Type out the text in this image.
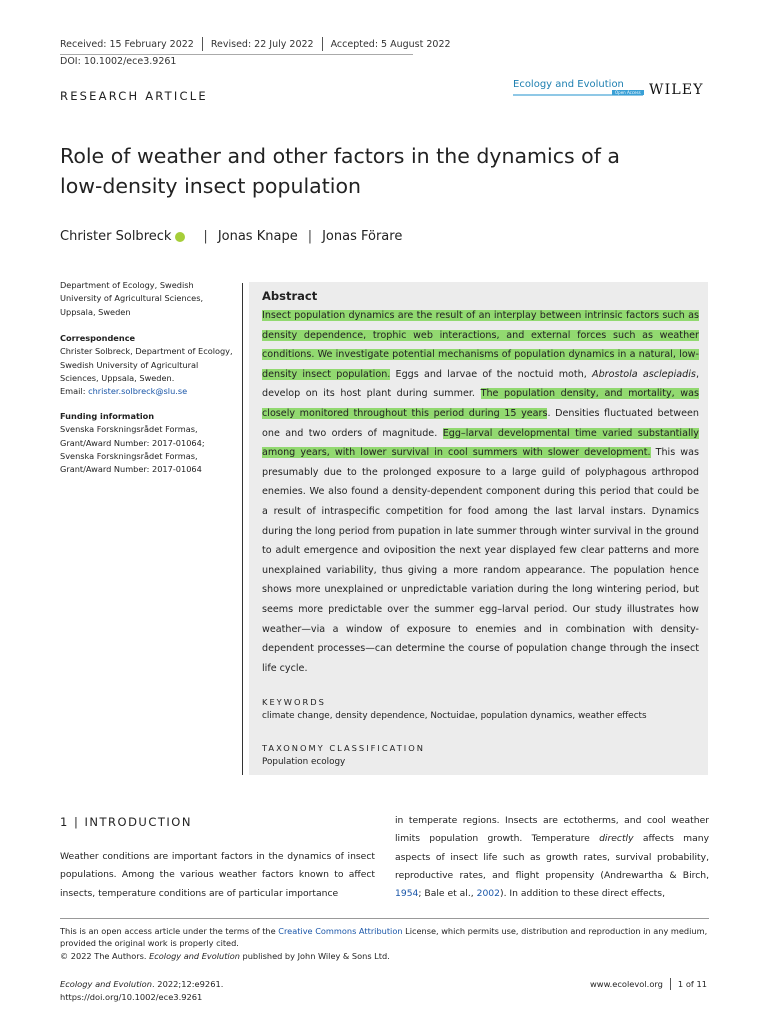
Received: 15 February 2022 Revised: 22 July 2022 Accepted: 5 August 2022
DOI: 10.1002/ece3.9261
RESEARCH ARTICLE
Ecology and Evolution
Open Access WILEY
Role of weather and other factors in the dynamics of a low-density insect population
Christer Solbreck | Jonas Knape | Jonas Förare
Department of Ecology, Swedish University of Agricultural Sciences, Uppsala, Sweden
Correspondence
Christer Solbreck, Department of Ecology, Swedish University of Agricultural Sciences, Uppsala, Sweden.
Email: christer.solbreck@slu.se
Funding information
Svenska Forskningsrådet Formas, Grant/Award Number: 2017-01064; Svenska Forskningsrådet Formas, Grant/Award Number: 2017-01064
Abstract
Insect population dynamics are the result of an interplay between intrinsic factors such as density dependence, trophic web interactions, and external forces such as weather conditions. We investigate potential mechanisms of population dynamics in a natural, low-density insect population. Eggs and larvae of the noctuid moth, Abrostola asclepiadis, develop on its host plant during summer. The population density, and mortality, was closely monitored throughout this period during 15 years. Densities fluctuated between one and two orders of magnitude. Egg–larval developmental time varied substantially among years, with lower survival in cool summers with slower development. This was presumably due to the prolonged exposure to a large guild of polyphagous arthropod enemies. We also found a density-dependent component during this period that could be a result of intraspecific competition for food among the last larval instars. Dynamics during the long period from pupation in late summer through winter survival in the ground to adult emergence and oviposition the next year displayed few clear patterns and more unexplained variability, thus giving a more random appearance. The population hence shows more unexplained or unpredictable variation during the long wintering period, but seems more predictable over the summer egg–larval period. Our study illustrates how weather—via a window of exposure to enemies and in combination with density-dependent processes—can determine the course of population change through the insect life cycle.
KEYWORDS
climate change, density dependence, Noctuidae, population dynamics, weather effects
TAXONOMY CLASSIFICATION
Population ecology
1 | INTRODUCTION
Weather conditions are important factors in the dynamics of insect populations. Among the various weather factors known to affect insects, temperature conditions are of particular importance
in temperate regions. Insects are ectotherms, and cool weather limits population growth. Temperature directly affects many aspects of insect life such as growth rates, survival probability, reproductive rates, and flight propensity (Andrewartha & Birch, 1954; Bale et al., 2002). In addition to these direct effects,
This is an open access article under the terms of the Creative Commons Attribution License, which permits use, distribution and reproduction in any medium, provided the original work is properly cited.
© 2022 The Authors. Ecology and Evolution published by John Wiley & Sons Ltd.
Ecology and Evolution. 2022;12:e9261.
https://doi.org/10.1002/ece3.9261
www.ecolevol.org 1 of 11
